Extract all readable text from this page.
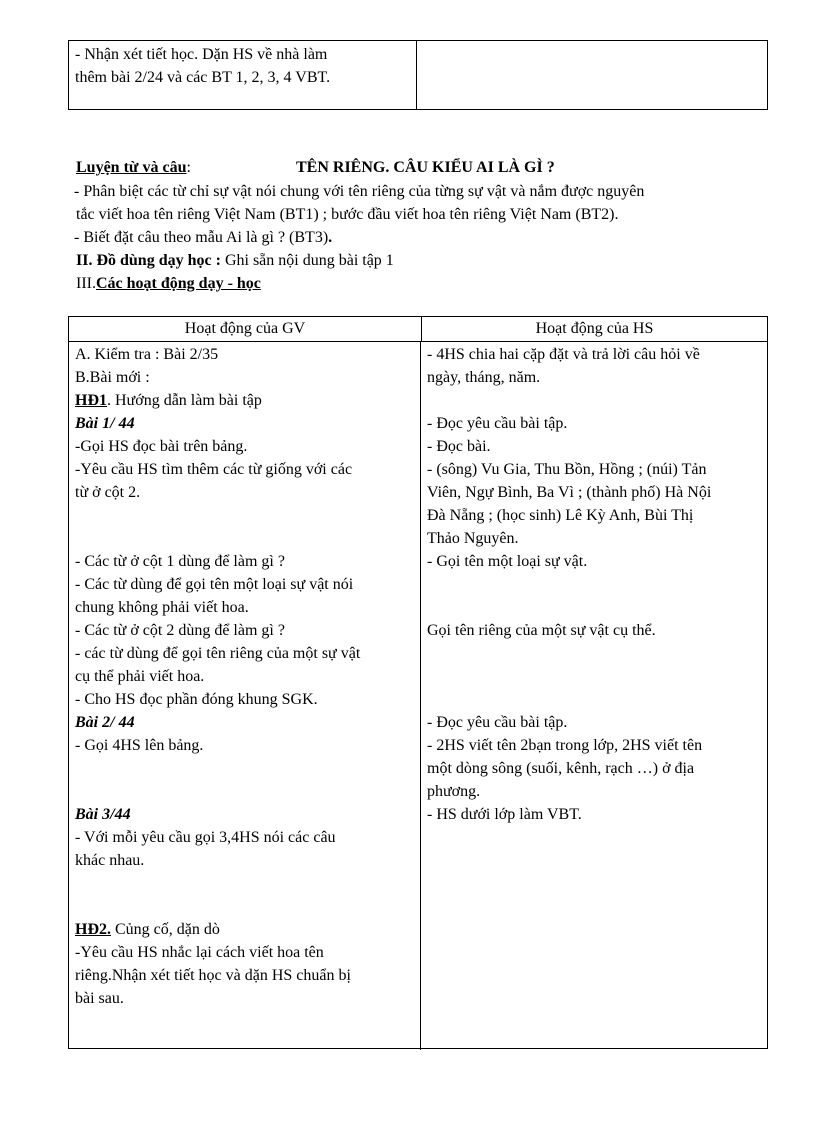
- Nhận xét tiết học. Dặn HS về nhà làm
thêm bài 2/24 và các BT 1, 2, 3, 4 VBT.
Luyện từ và câu:	TÊN RIÊNG. CÂU KIỂU AI LÀ GÌ ?
- Phân biệt các từ chỉ sự vật nói chung với tên riêng của từng sự vật và nắm được nguyên
tắc viết hoa tên riêng Việt Nam (BT1) ; bước đầu viết hoa tên riêng Việt Nam (BT2).
- Biết đặt câu theo mẫu Ai là gì ? (BT3).
II. Đồ dùng dạy học : Ghi sẵn nội dung bài tập 1
III.Các hoạt động dạy - học
Hoạt động của GV	Hoạt động của HS
A. Kiểm tra : Bài 2/35
B.Bài mới :
HĐ1. Hướng dẫn làm bài tập
Bài 1/ 44
-Gọi HS đọc bài trên bảng.
-Yêu cầu HS tìm thêm các từ giống với các
từ ở cột 2.
- Các từ ở cột 1 dùng để làm gì ?
- Các từ dùng để gọi tên một loại sự vật nói
chung không phải viết hoa.
- Các từ ở cột 2 dùng để làm gì ?
- các từ dùng để gọi tên riêng của một sự vật
cụ thể phải viết hoa.
- Cho HS đọc phần đóng khung SGK.
Bài 2/ 44
- Gọi 4HS lên bảng.
Bài 3/44
- Với mỗi yêu cầu gọi 3,4HS nói các câu
khác nhau.
HĐ2. Củng cố, dặn dò
-Yêu cầu HS nhắc lại cách viết hoa tên
riêng.Nhận xét tiết học và dặn HS chuẩn bị
bài sau.
- 4HS chia hai cặp đặt và trả lời câu hỏi về
ngày, tháng, năm.
- Đọc yêu cầu bài tập.
- Đọc bài.
- (sông) Vu Gia, Thu Bồn, Hồng ; (núi) Tản
Viên, Ngự Bình, Ba Vì ; (thành phố) Hà Nội
Đà Nẵng ; (học sinh) Lê Kỳ Anh, Bùi Thị
Thảo Nguyên.
- Gọi tên một loại sự vật.
Gọi tên riêng của một sự vật cụ thể.
- Đọc yêu cầu bài tập.
- 2HS viết tên 2bạn trong lớp, 2HS viết tên
một dòng sông (suối, kênh, rạch …) ở địa
phương.
- HS dưới lớp làm VBT.
